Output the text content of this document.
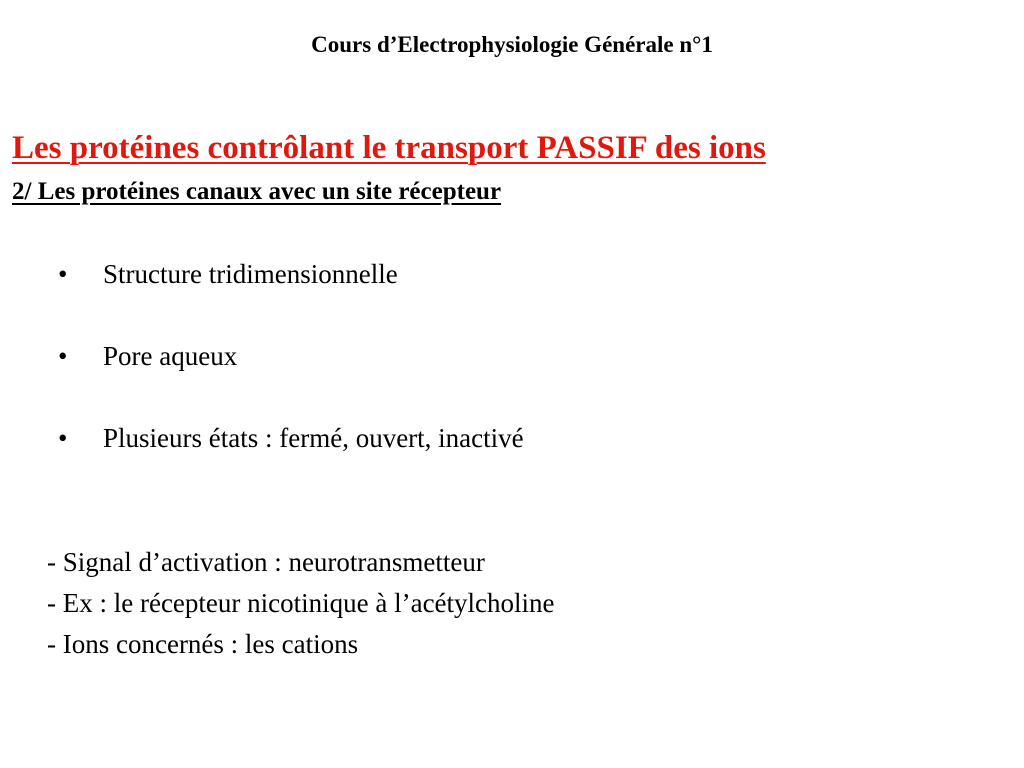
Cours d’Electrophysiologie Générale n°1
Les protéines contrôlant le transport PASSIF des ions
2/ Les protéines canaux avec un site récepteur
• Structure tridimensionnelle
• Pore aqueux
• Plusieurs états : fermé, ouvert, inactivé
- Signal d’activation : neurotransmetteur
- Ex : le récepteur nicotinique à l’acétylcholine
- Ions concernés : les cations
